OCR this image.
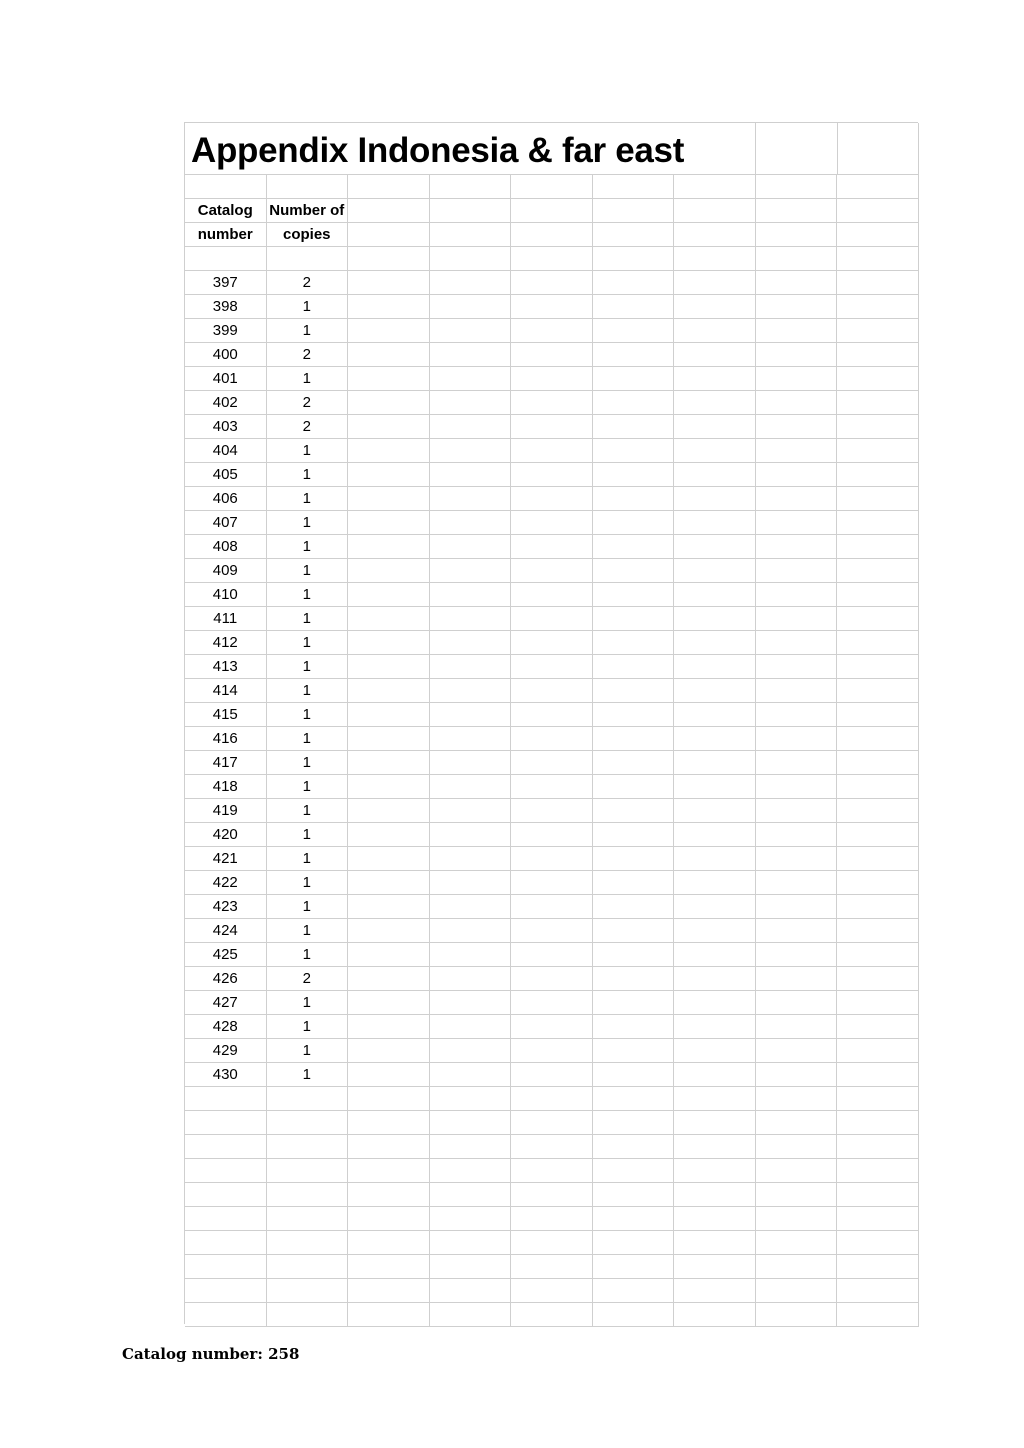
Appendix Indonesia & far east
Catalog Number of
number copies
397	2
398	1
399	1
400	2
401	1
402	2
403	2
404	1
405	1
406	1
407	1
408	1
409	1
410	1
411	1
412	1
413	1
414	1
415	1
416	1
417	1
418	1
419	1
420	1
421	1
422	1
423	1
424	1
425	1
426	2
427	1
428	1
429	1
430	1
Catalog number: 258
